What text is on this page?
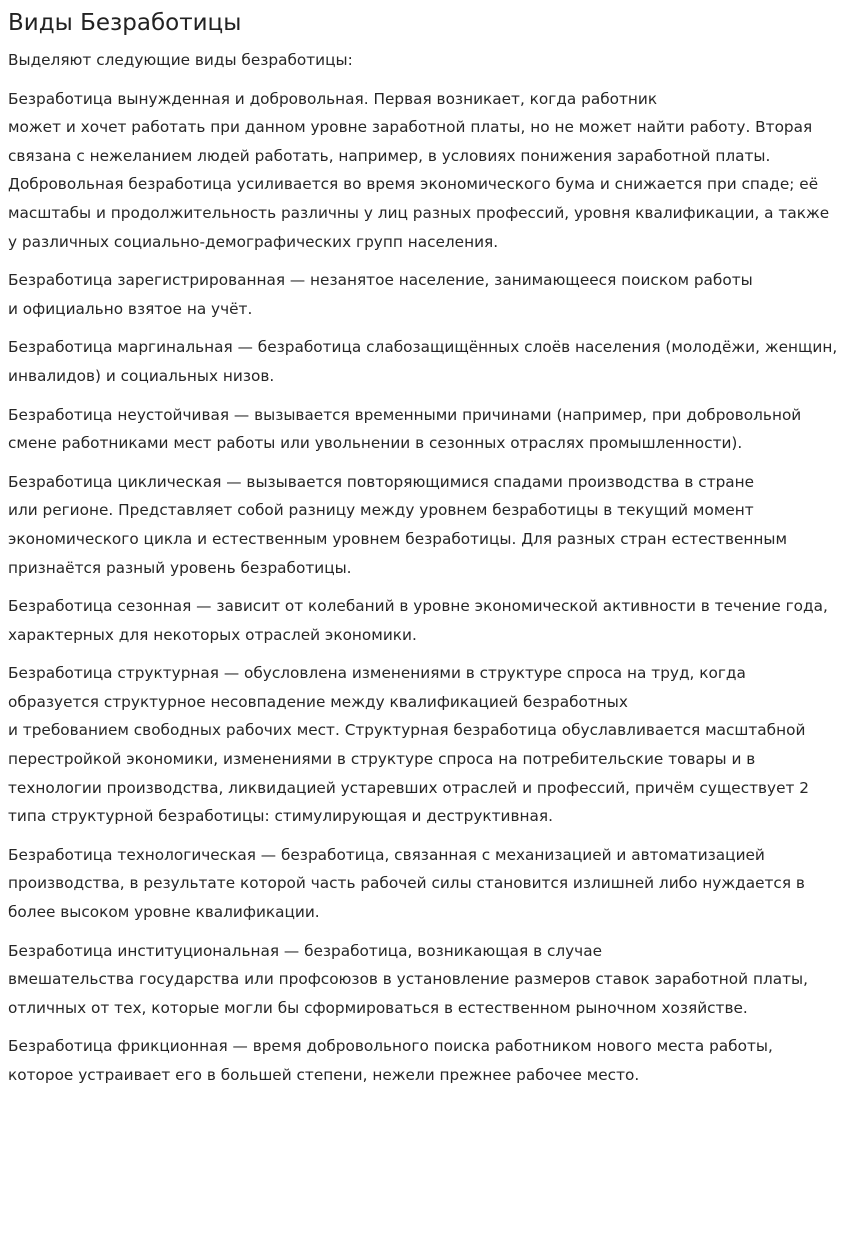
Виды Безработицы

Выделяют следующие виды безработицы:

Безработица вынужденная и добровольная. Первая возникает, когда работник
может и хочет работать при данном уровне заработной платы, но не может найти работу. Вторая связана с нежеланием людей работать, например, в условиях понижения заработной платы. Добровольная безработица усиливается во время экономического бума и снижается при спаде; её масштабы и продолжительность различны у лиц разных профессий, уровня квалификации, а также у различных социально-демографических групп населения.

Безработица зарегистрированная — незанятое население, занимающееся поиском работы
и официально взятое на учёт.

Безработица маргинальная — безработица слабозащищённых слоёв населения (молодёжи, женщин, инвалидов) и социальных низов.

Безработица неустойчивая — вызывается временными причинами (например, при добровольной смене работниками мест работы или увольнении в сезонных отраслях промышленности).

Безработица циклическая — вызывается повторяющимися спадами производства в стране
или регионе. Представляет собой разницу между уровнем безработицы в текущий момент экономического цикла и естественным уровнем безработицы. Для разных стран естественным признаётся разный уровень безработицы.

Безработица сезонная — зависит от колебаний в уровне экономической активности в течение года, характерных для некоторых отраслей экономики.

Безработица структурная — обусловлена изменениями в структуре спроса на труд, когда образуется структурное несовпадение между квалификацией безработных
и требованием свободных рабочих мест. Структурная безработица обуславливается масштабной перестройкой экономики, изменениями в структуре спроса на потребительские товары и в технологии производства, ликвидацией устаревших отраслей и профессий, причём существует 2 типа структурной безработицы: стимулирующая и деструктивная.

Безработица технологическая — безработица, связанная с механизацией и автоматизацией производства, в результате которой часть рабочей силы становится излишней либо нуждается в более высоком уровне квалификации.

Безработица институциональная — безработица, возникающая в случае
вмешательства государства или профсоюзов в установление размеров ставок заработной платы, отличных от тех, которые могли бы сформироваться в естественном рыночном хозяйстве.

Безработица фрикционная — время добровольного поиска работником нового места работы, которое устраивает его в большей степени, нежели прежнее рабочее место.
